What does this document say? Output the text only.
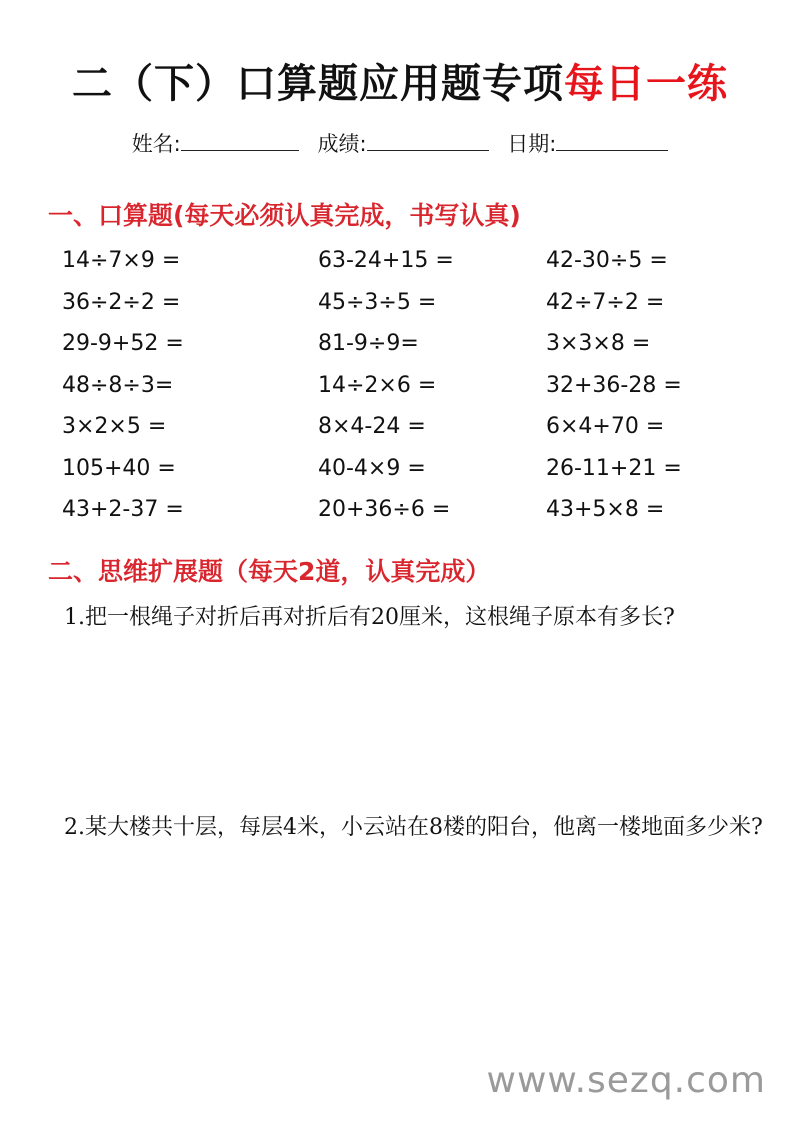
二（下）口算题应用题专项每日一练
姓名:	成绩:	日期:
一、口算题(每天必须认真完成，书写认真)
14÷7×9 =
36÷2÷2 =
29-9+52 =
48÷8÷3=
3×2×5 =
105+40 =
43+2-37 =
63-24+15 =
45÷3÷5 =
81-9÷9=
14÷2×6 =
8×4-24 =
40-4×9 =
20+36÷6 =
42-30÷5 =
42÷7÷2 =
3×3×8 =
32+36-28 =
6×4+70 =
26-11+21 =
43+5×8 =
二、思维扩展题（每天2道，认真完成）
1.把一根绳子对折后再对折后有20厘米，这根绳子原本有多长?
2.某大楼共十层，每层4米，小云站在8楼的阳台，他离一楼地面多少米?
www.sezq.com
